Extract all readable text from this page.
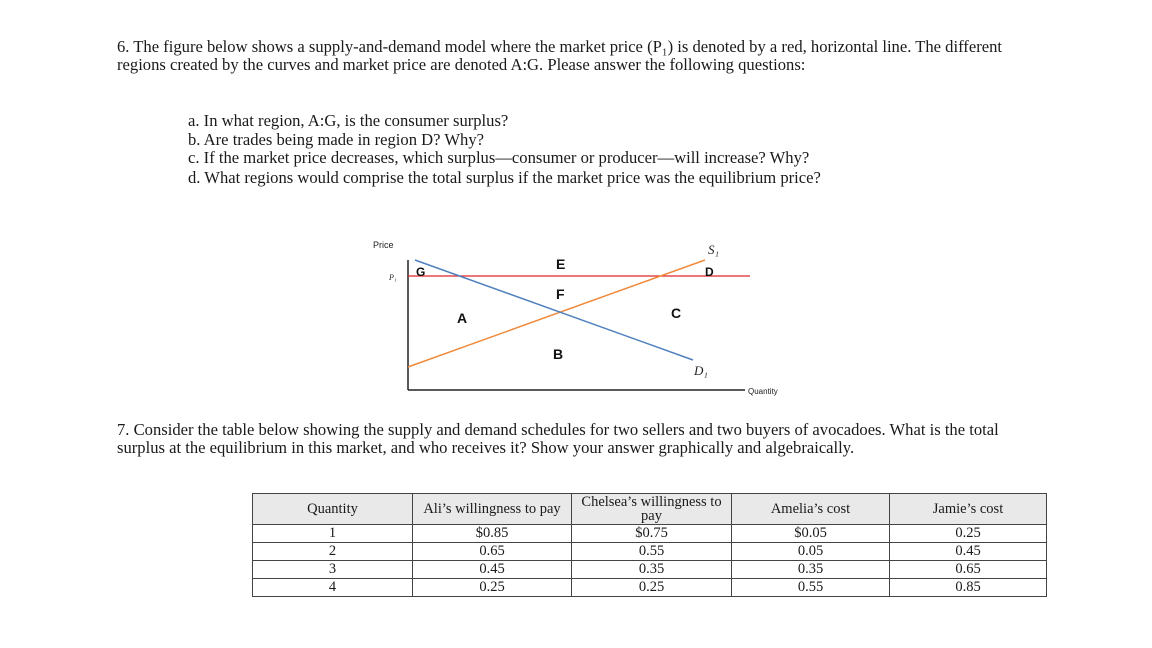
6. The figure below shows a supply-and-demand model where the market price (P₁) is denoted by a red, horizontal line. The different regions created by the curves and market price are denoted A:G. Please answer the following questions:

a. In what region, A:G, is the consumer surplus?
b. Are trades being made in region D? Why?
c. If the market price decreases, which surplus—consumer or producer—will increase? Why?
d. What regions would comprise the total surplus if the market price was the equilibrium price?
Price
P₁
Quantity
S₁
D₁
A
B
C
D
E
F
G

7. Consider the table below showing the supply and demand schedules for two sellers and two buyers of avocadoes. What is the total surplus at the equilibrium in this market, and who receives it? Show your answer graphically and algebraically.

Quantity	Ali’s willingness to pay	Chelsea’s willingness to pay	Amelia’s cost	Jamie’s cost
1	$0.85	$0.75	$0.05	0.25
2	0.65	0.55	0.05	0.45
3	0.45	0.35	0.35	0.65
4	0.25	0.25	0.55	0.85
